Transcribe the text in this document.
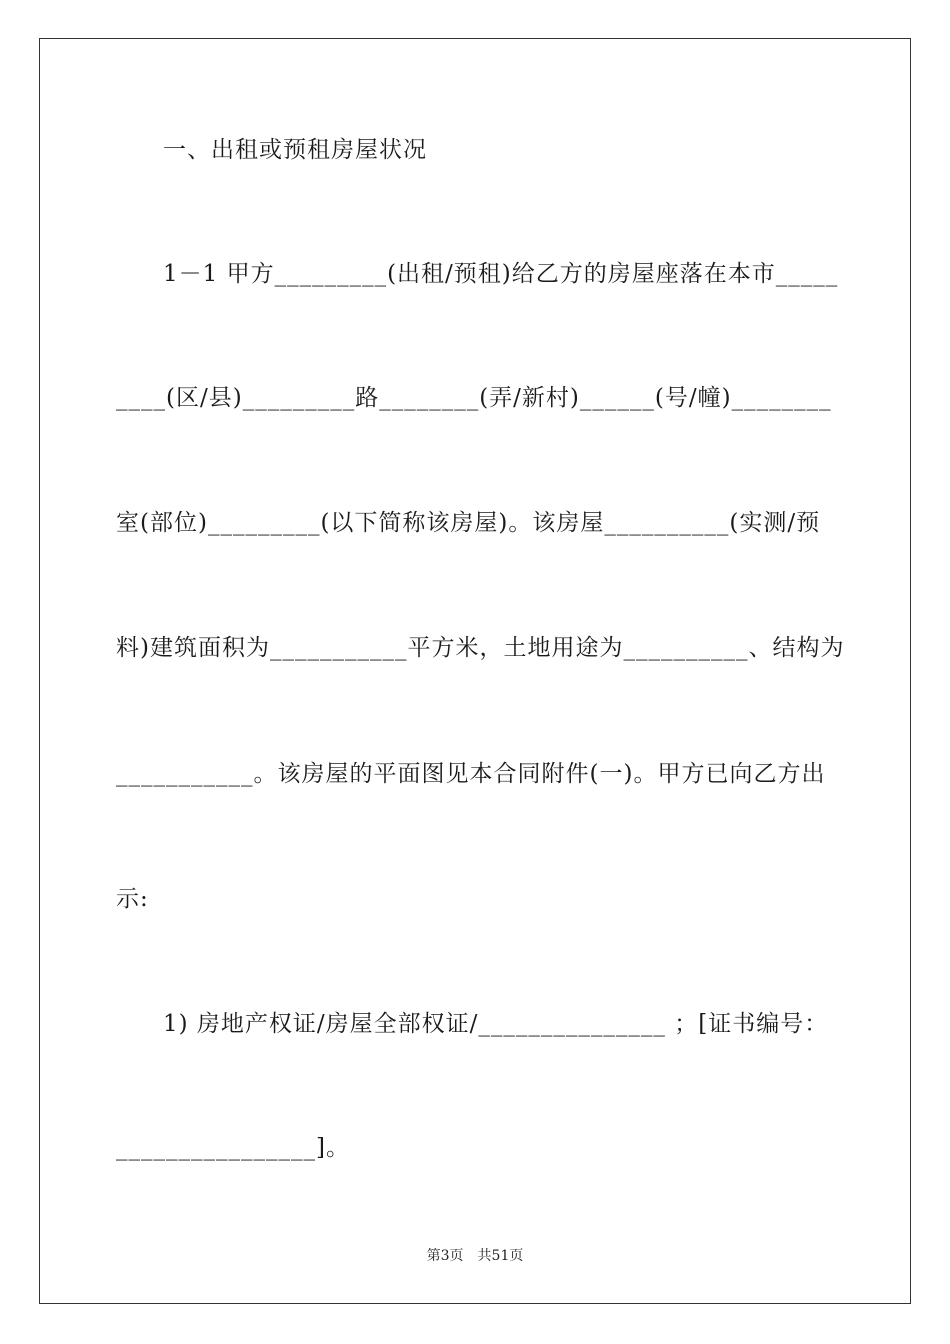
一、出租或预租房屋状况
1－1 甲方_________(出租/预租)给乙方的房屋座落在本市_____
____(区/县)_________路________(弄/新村)______(号/幢)________
室(部位)_________(以下简称该房屋)。该房屋__________(实测/预
料)建筑面积为___________平方米，土地用途为__________、结构为
___________。该房屋的平面图见本合同附件(一)。甲方已向乙方出
示:
1) 房地产权证/房屋全部权证/_______________ ；[证书编号：
________________]。
第3页 共51页
